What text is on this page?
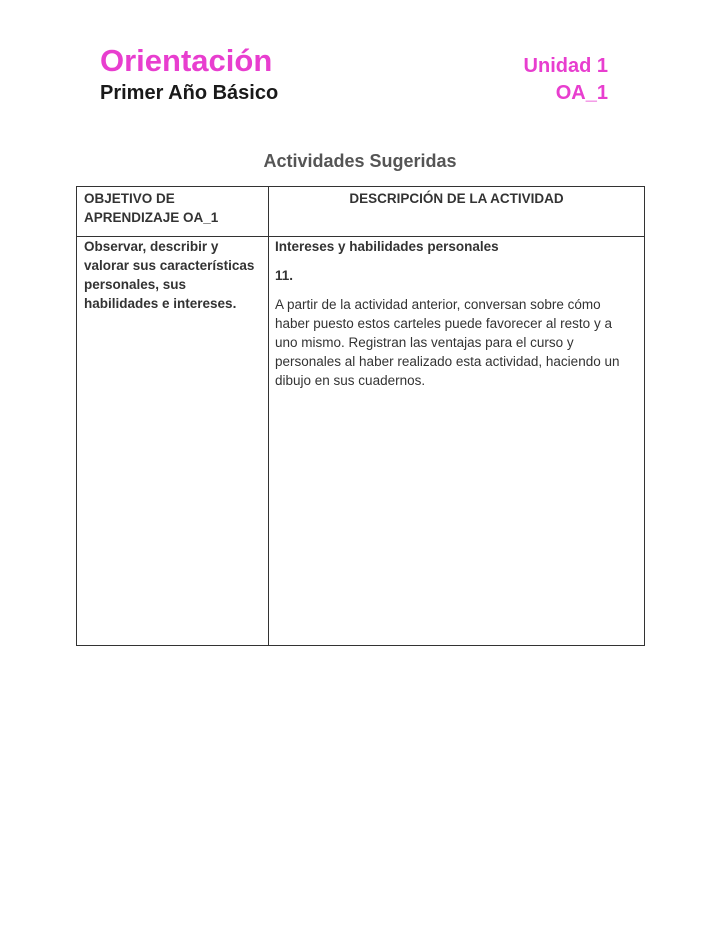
Orientación
Primer Año Básico
Unidad 1
OA_1
Actividades Sugeridas
OBJETIVO DE APRENDIZAJE OA_1	DESCRIPCIÓN DE LA ACTIVIDAD
Observar, describir y valorar sus características personales, sus habilidades e intereses.	Intereses y habilidades personales
11.
A partir de la actividad anterior, conversan sobre cómo haber puesto estos carteles puede favorecer al resto y a uno mismo. Registran las ventajas para el curso y personales al haber realizado esta actividad, haciendo un dibujo en sus cuadernos.
